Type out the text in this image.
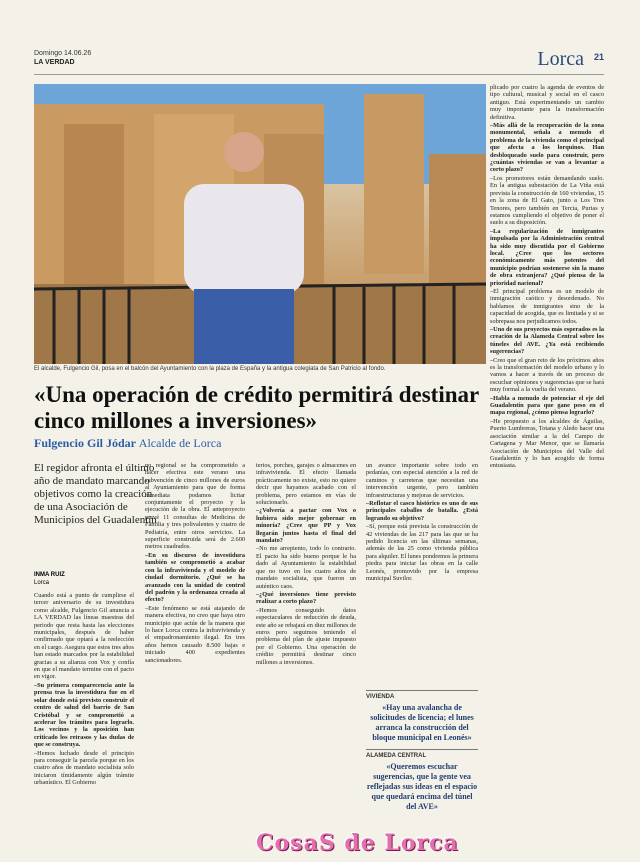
Domingo 14.06.26
LA VERDAD	Lorca 21
El alcalde, Fulgencio Gil, posa en el balcón del Ayuntamiento con la plaza de España y la antigua colegiata de San Patricio al fondo.
«Una operación de crédito permitirá destinar cinco millones a inversiones»
Fulgencio Gil Jódar Alcalde de Lorca
El regidor afronta el último año de mandato marcando objetivos como la creación de una Asociación de Municipios del Guadalentín
INMA RUIZ
Lorca

Cuando está a punto de cumplirse el tercer aniversario de su investidura como alcalde, Fulgencio Gil anuncia a LA VERDAD las líneas maestras del periodo que resta hasta las elecciones municipales, después de haber confirmado que optará a la reelección en el cargo. Asegura que estos tres años han estado marcados por la estabilidad gracias a su alianza con Vox y confía en que el mandato termine con el pacto en vigor.

–Su primera comparecencia ante la prensa tras la investidura fue en el solar donde está previsto construir el centro de salud del barrio de San Cristóbal y se comprometió a acelerar los trámites para lograrlo. Los vecinos y la oposición han criticado los retrasos y las dudas de que se construya.

–Hemos luchado desde el principio para conseguir la parcela porque en los cuatro años de mandato socialista solo iniciaron tímidamente algún trámite urbanístico. El Gobierno

no regional se ha comprometido a hacer efectiva este verano una subvención de cinco millones de euros al Ayuntamiento para que de forma inmediata podamos licitar conjuntamente el proyecto y la ejecución de la obra. El anteproyecto prevé 11 consultas de Medicina de Familia y tres polivalentes y cuatro de Pediatría, entre otros servicios. La superficie construida será de 2.600 metros cuadrados.

–En su discurso de investidura también se comprometió a acabar con la infravivienda y el modelo de ciudad dormitorio. ¿Qué se ha avanzado con la unidad de control del padrón y la ordenanza creada al efecto?

–Este fenómeno se está atajando de manera efectiva, no creo que haya otro municipio que actúe de la manera que lo hace Lorca contra la infravivienda y el empadronamiento ilegal. En tres años hemos causado 8.500 bajas e iniciado 400 expedientes sancionadores.

terios, porches, garajes o almacenes en infravivienda. El efecto llamada prácticamente no existe, esto no quiere decir que hayamos acabado con el problema, pero estamos en vías de solucionarlo.

–¿Volvería a pactar con Vox o hubiera sido mejor gobernar en minoría? ¿Cree que PP y Vox llegarán juntos hasta el final del mandato?

–No me arrepiento, todo lo contrario. El pacto ha sido bueno porque le ha dado al Ayuntamiento la estabilidad que no tuvo en los cuatro años de mandato socialista, que fueron un auténtico caos.

–¿Qué inversiones tiene previsto realizar a corto plazo?

–Hemos conseguido datos espectaculares de reducción de deuda, este año se rebajará en diez millones de euros pero seguimos teniendo el problema del plan de ajuste impuesto por el Gobierno. Una operación de crédito permitirá destinar cinco millones a inversiones.

un avance importante sobre todo en pedanías, con especial atención a la red de caminos y carreteras que necesitan una intervención urgente, pero también infraestructuras y mejoras de servicios.

–Reflotar el casco histórico es uno de sus principales caballos de batalla. ¿Está logrando su objetivo?

–Sí, porque está prevista la construcción de 42 viviendas de las 217 para las que se ha pedido licencia en las últimas semanas, además de las 25 como vivienda pública para alquiler. El lunes pondremos la primera piedra para iniciar las obras en la calle Leonés, promovido por la empresa municipal Suvilor.

VIVIENDA
«Hay una avalancha de solicitudes de licencia; el lunes arranca la construcción del bloque municipal en Leonés»
ALAMEDA CENTRAL
«Queremos escuchar sugerencias, que la gente vea reflejadas sus ideas en el espacio que quedará encima del túnel del AVE»

plicado por cuatro la agenda de eventos de tipo cultural, musical y social en el casco antiguo. Está experimentando un cambio muy importante para la transformación definitiva.

–Más allá de la recuperación de la zona monumental, señala a menudo el problema de la vivienda como el principal que afecta a los lorquinos. Han desbloqueado suelo para construir, pero ¿cuántas viviendas se van a levantar a corto plazo?

–Los promotores están demandando suelo. En la antigua subestación de La Viña está prevista la construcción de 160 viviendas, 15 en la zona de El Gato, junto a Los Tres Tenores, pero también en Tercia, Purias y estamos cumpliendo el objetivo de poner el suelo a su disposición.

–La regularización de inmigrantes impulsada por la Administración central ha sido muy discutida por el Gobierno local. ¿Cree que los sectores económicamente más potentes del municipio podrían sostenerse sin la mano de obra extranjera? ¿Qué piensa de la prioridad nacional?

–El principal problema es un modelo de inmigración caótico y desordenado. No hablamos de inmigrantes sino de la capacidad de acogida, que es limitada y si se sobrepasa nos perjudicamos todos.

–Uno de sus proyectos más esperados es la creación de la Alameda Central sobre los túneles del AVE. ¿Ya está recibiendo sugerencias?

–Creo que el gran reto de los próximos años es la transformación del modelo urbano y lo vamos a hacer a través de un proceso de escuchar opiniones y sugerencias que se hará muy formal a la vuelta del verano.

–Habla a menudo de potenciar el eje del Guadalentín para que gane peso en el mapa regional, ¿cómo piensa lograrlo?

–He propuesto a los alcaldes de Águilas, Puerto Lumbreras, Totana y Aledo hacer una asociación similar a la del Campo de Cartagena y Mar Menor, que se llamaría Asociación de Municipios del Valle del Guadalentín y lo han acogido de forma entusiasta.

CosaS de Lorca
